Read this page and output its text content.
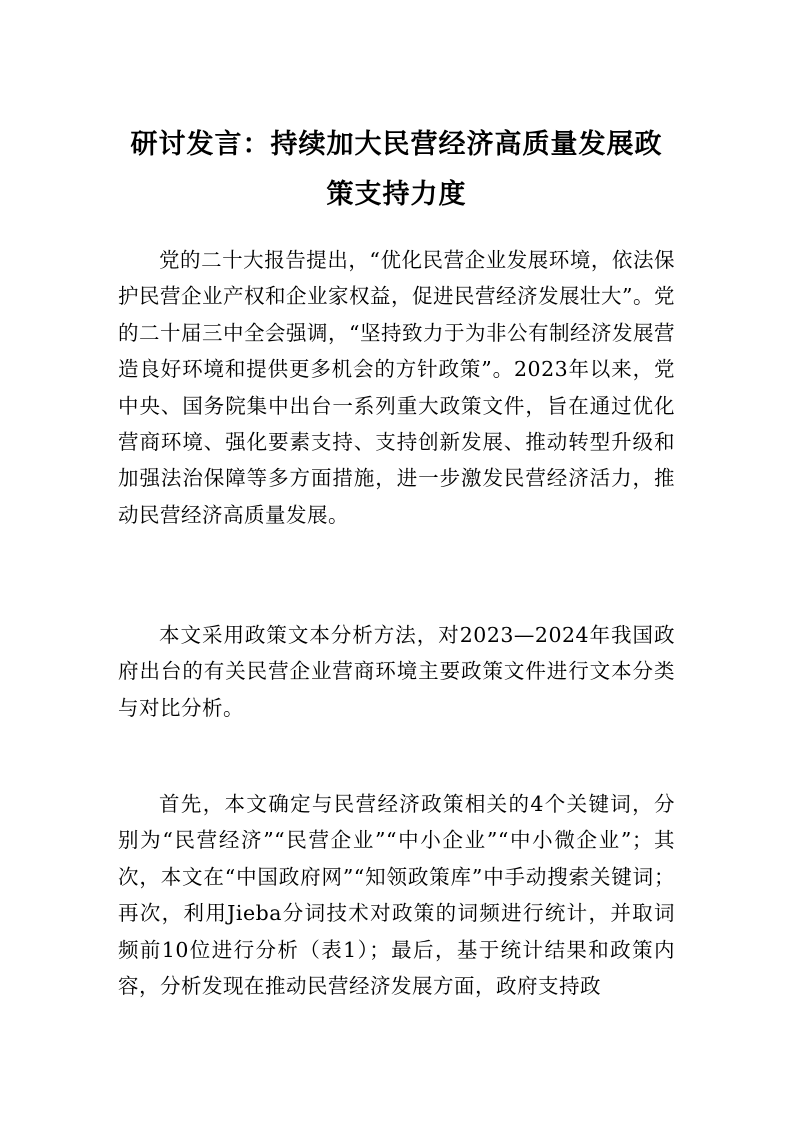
研讨发言：持续加大民营经济高质量发展政
策支持力度

党的二十大报告提出，“优化民营企业发展环境，依法保护民营企业产权和企业家权益，促进民营经济发展壮大”。党的二十届三中全会强调，“坚持致力于为非公有制经济发展营造良好环境和提供更多机会的方针政策”。2023年以来，党中央、国务院集中出台一系列重大政策文件，旨在通过优化营商环境、强化要素支持、支持创新发展、推动转型升级和加强法治保障等多方面措施，进一步激发民营经济活力，推动民营经济高质量发展。

本文采用政策文本分析方法，对2023—2024年我国政府出台的有关民营企业营商环境主要政策文件进行文本分类与对比分析。

首先，本文确定与民营经济政策相关的4个关键词，分别为“民营经济”“民营企业”“中小企业”“中小微企业”；其次，本文在“中国政府网”“知领政策库”中手动搜索关键词；再次，利用Jieba分词技术对政策的词频进行统计，并取词频前10位进行分析（表1）；最后，基于统计结果和政策内容，分析发现在推动民营经济发展方面，政府支持政
